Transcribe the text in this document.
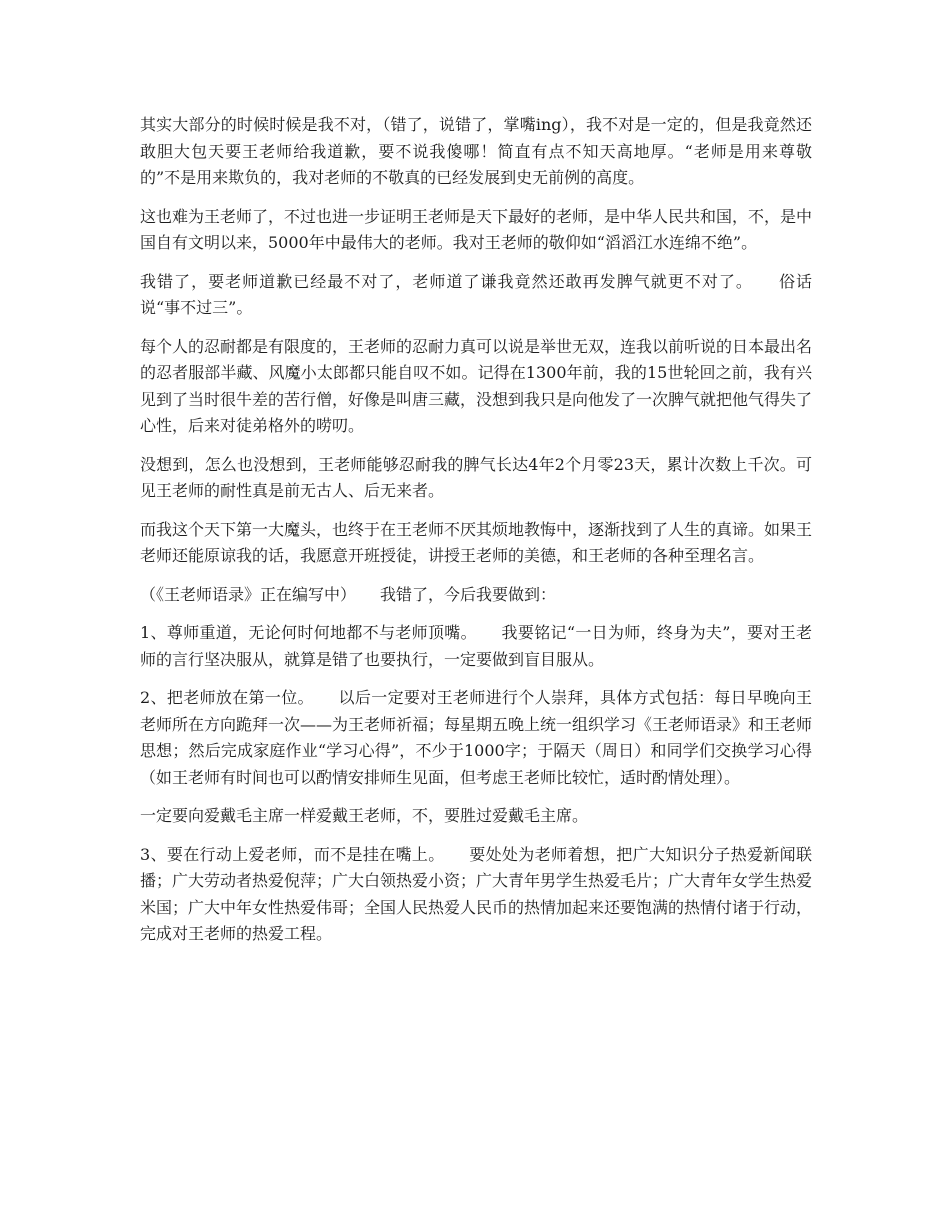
其实大部分的时候时候是我不对，（错了，说错了，掌嘴ing），我不对是一定的，但是我竟然还敢胆大包天要王老师给我道歉，要不说我傻哪！简直有点不知天高地厚。“老师是用来尊敬的”不是用来欺负的，我对老师的不敬真的已经发展到史无前例的高度。

这也难为王老师了，不过也进一步证明王老师是天下最好的老师，是中华人民共和国，不，是中国自有文明以来，5000年中最伟大的老师。我对王老师的敬仰如“滔滔江水连绵不绝”。

我错了，要老师道歉已经最不对了，老师道了谦我竟然还敢再发脾气就更不对了。　　俗话说“事不过三”。

每个人的忍耐都是有限度的，王老师的忍耐力真可以说是举世无双，连我以前听说的日本最出名的忍者服部半藏、风魔小太郎都只能自叹不如。记得在1300年前，我的15世轮回之前，我有兴见到了当时很牛差的苦行僧，好像是叫唐三藏，没想到我只是向他发了一次脾气就把他气得失了心性，后来对徒弟格外的唠叨。

没想到，怎么也没想到，王老师能够忍耐我的脾气长达4年2个月零23天，累计次数上千次。可见王老师的耐性真是前无古人、后无来者。

而我这个天下第一大魔头，也终于在王老师不厌其烦地教悔中，逐渐找到了人生的真谛。如果王老师还能原谅我的话，我愿意开班授徒，讲授王老师的美德，和王老师的各种至理名言。

（《王老师语录》正在编写中）　　我错了，今后我要做到：

1、尊师重道，无论何时何地都不与老师顶嘴。　　我要铭记“一日为师，终身为夫”，要对王老师的言行坚决服从，就算是错了也要执行，一定要做到盲目服从。

2、把老师放在第一位。　　以后一定要对王老师进行个人崇拜，具体方式包括：每日早晚向王老师所在方向跪拜一次——为王老师祈福；每星期五晚上统一组织学习《王老师语录》和王老师思想；然后完成家庭作业“学习心得”，不少于1000字；于隔天（周日）和同学们交换学习心得（如王老师有时间也可以酌情安排师生见面，但考虑王老师比较忙，适时酌情处理）。

一定要向爱戴毛主席一样爱戴王老师，不，要胜过爱戴毛主席。

3、要在行动上爱老师，而不是挂在嘴上。　　要处处为老师着想，把广大知识分子热爱新闻联播；广大劳动者热爱倪萍；广大白领热爱小资；广大青年男学生热爱毛片；广大青年女学生热爱米国；广大中年女性热爱伟哥；全国人民热爱人民币的热情加起来还要饱满的热情付诸于行动，完成对王老师的热爱工程。
